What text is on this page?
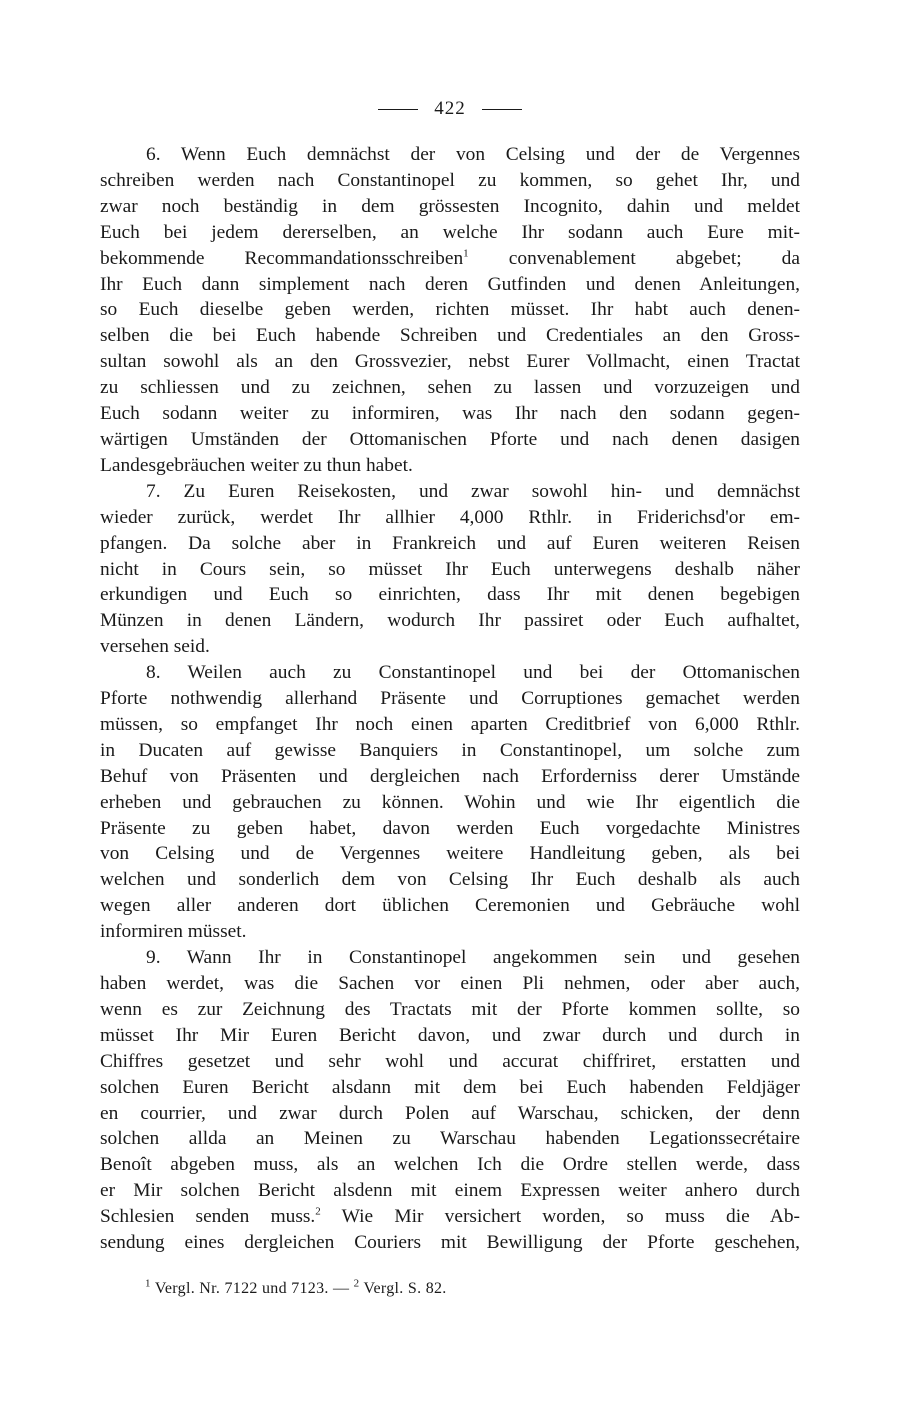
422

6. Wenn Euch demnächst der von Celsing und der de Vergennes
schreiben werden nach Constantinopel zu kommen, so gehet Ihr, und
zwar noch beständig in dem grössesten Incognito, dahin und meldet
Euch bei jedem dererselben, an welche Ihr sodann auch Eure mit-
bekommende Recommandationsschreiben$^1$ convenablement abgebet; da
Ihr Euch dann simplement nach deren Gutfinden und denen Anleitungen,
so Euch dieselbe geben werden, richten müsset. Ihr habt auch denen-
selben die bei Euch habende Schreiben und Credentiales an den Gross-
sultan sowohl als an den Grossvezier, nebst Eurer Vollmacht, einen Tractat
zu schliessen und zu zeichnen, sehen zu lassen und vorzuzeigen und
Euch sodann weiter zu informiren, was Ihr nach den sodann gegen-
wärtigen Umständen der Ottomanischen Pforte und nach denen dasigen
Landesgebräuchen weiter zu thun habet.

7. Zu Euren Reisekosten, und zwar sowohl hin- und demnächst
wieder zurück, werdet Ihr allhier 4,000 Rthlr. in Friderichsd'or em-
pfangen. Da solche aber in Frankreich und auf Euren weiteren Reisen
nicht in Cours sein, so müsset Ihr Euch unterwegens deshalb näher
erkundigen und Euch so einrichten, dass Ihr mit denen begebigen
Münzen in denen Ländern, wodurch Ihr passiret oder Euch aufhaltet,
versehen seid.

8. Weilen auch zu Constantinopel und bei der Ottomanischen
Pforte nothwendig allerhand Präsente und Corruptiones gemachet werden
müssen, so empfanget Ihr noch einen aparten Creditbrief von 6,000 Rthlr.
in Ducaten auf gewisse Banquiers in Constantinopel, um solche zum
Behuf von Präsenten und dergleichen nach Erforderniss derer Umstände
erheben und gebrauchen zu können. Wohin und wie Ihr eigentlich die
Präsente zu geben habet, davon werden Euch vorgedachte Ministres
von Celsing und de Vergennes weitere Handleitung geben, als bei
welchen und sonderlich dem von Celsing Ihr Euch deshalb als auch
wegen aller anderen dort üblichen Ceremonien und Gebräuche wohl
informiren müsset.

9. Wann Ihr in Constantinopel angekommen sein und gesehen
haben werdet, was die Sachen vor einen Pli nehmen, oder aber auch,
wenn es zur Zeichnung des Tractats mit der Pforte kommen sollte, so
müsset Ihr Mir Euren Bericht davon, und zwar durch und durch in
Chiffres gesetzet und sehr wohl und accurat chiffriret, erstatten und
solchen Euren Bericht alsdann mit dem bei Euch habenden Feldjäger
en courrier, und zwar durch Polen auf Warschau, schicken, der denn
solchen allda an Meinen zu Warschau habenden Legationssecrétaire
Benoît abgeben muss, als an welchen Ich die Ordre stellen werde, dass
er Mir solchen Bericht alsdenn mit einem Expressen weiter anhero durch
Schlesien senden muss.$^2$ Wie Mir versichert worden, so muss die Ab-
sendung eines dergleichen Couriers mit Bewilligung der Pforte geschehen,

$^1$ Vergl. Nr. 7122 und 7123. — $^2$ Vergl. S. 82.
